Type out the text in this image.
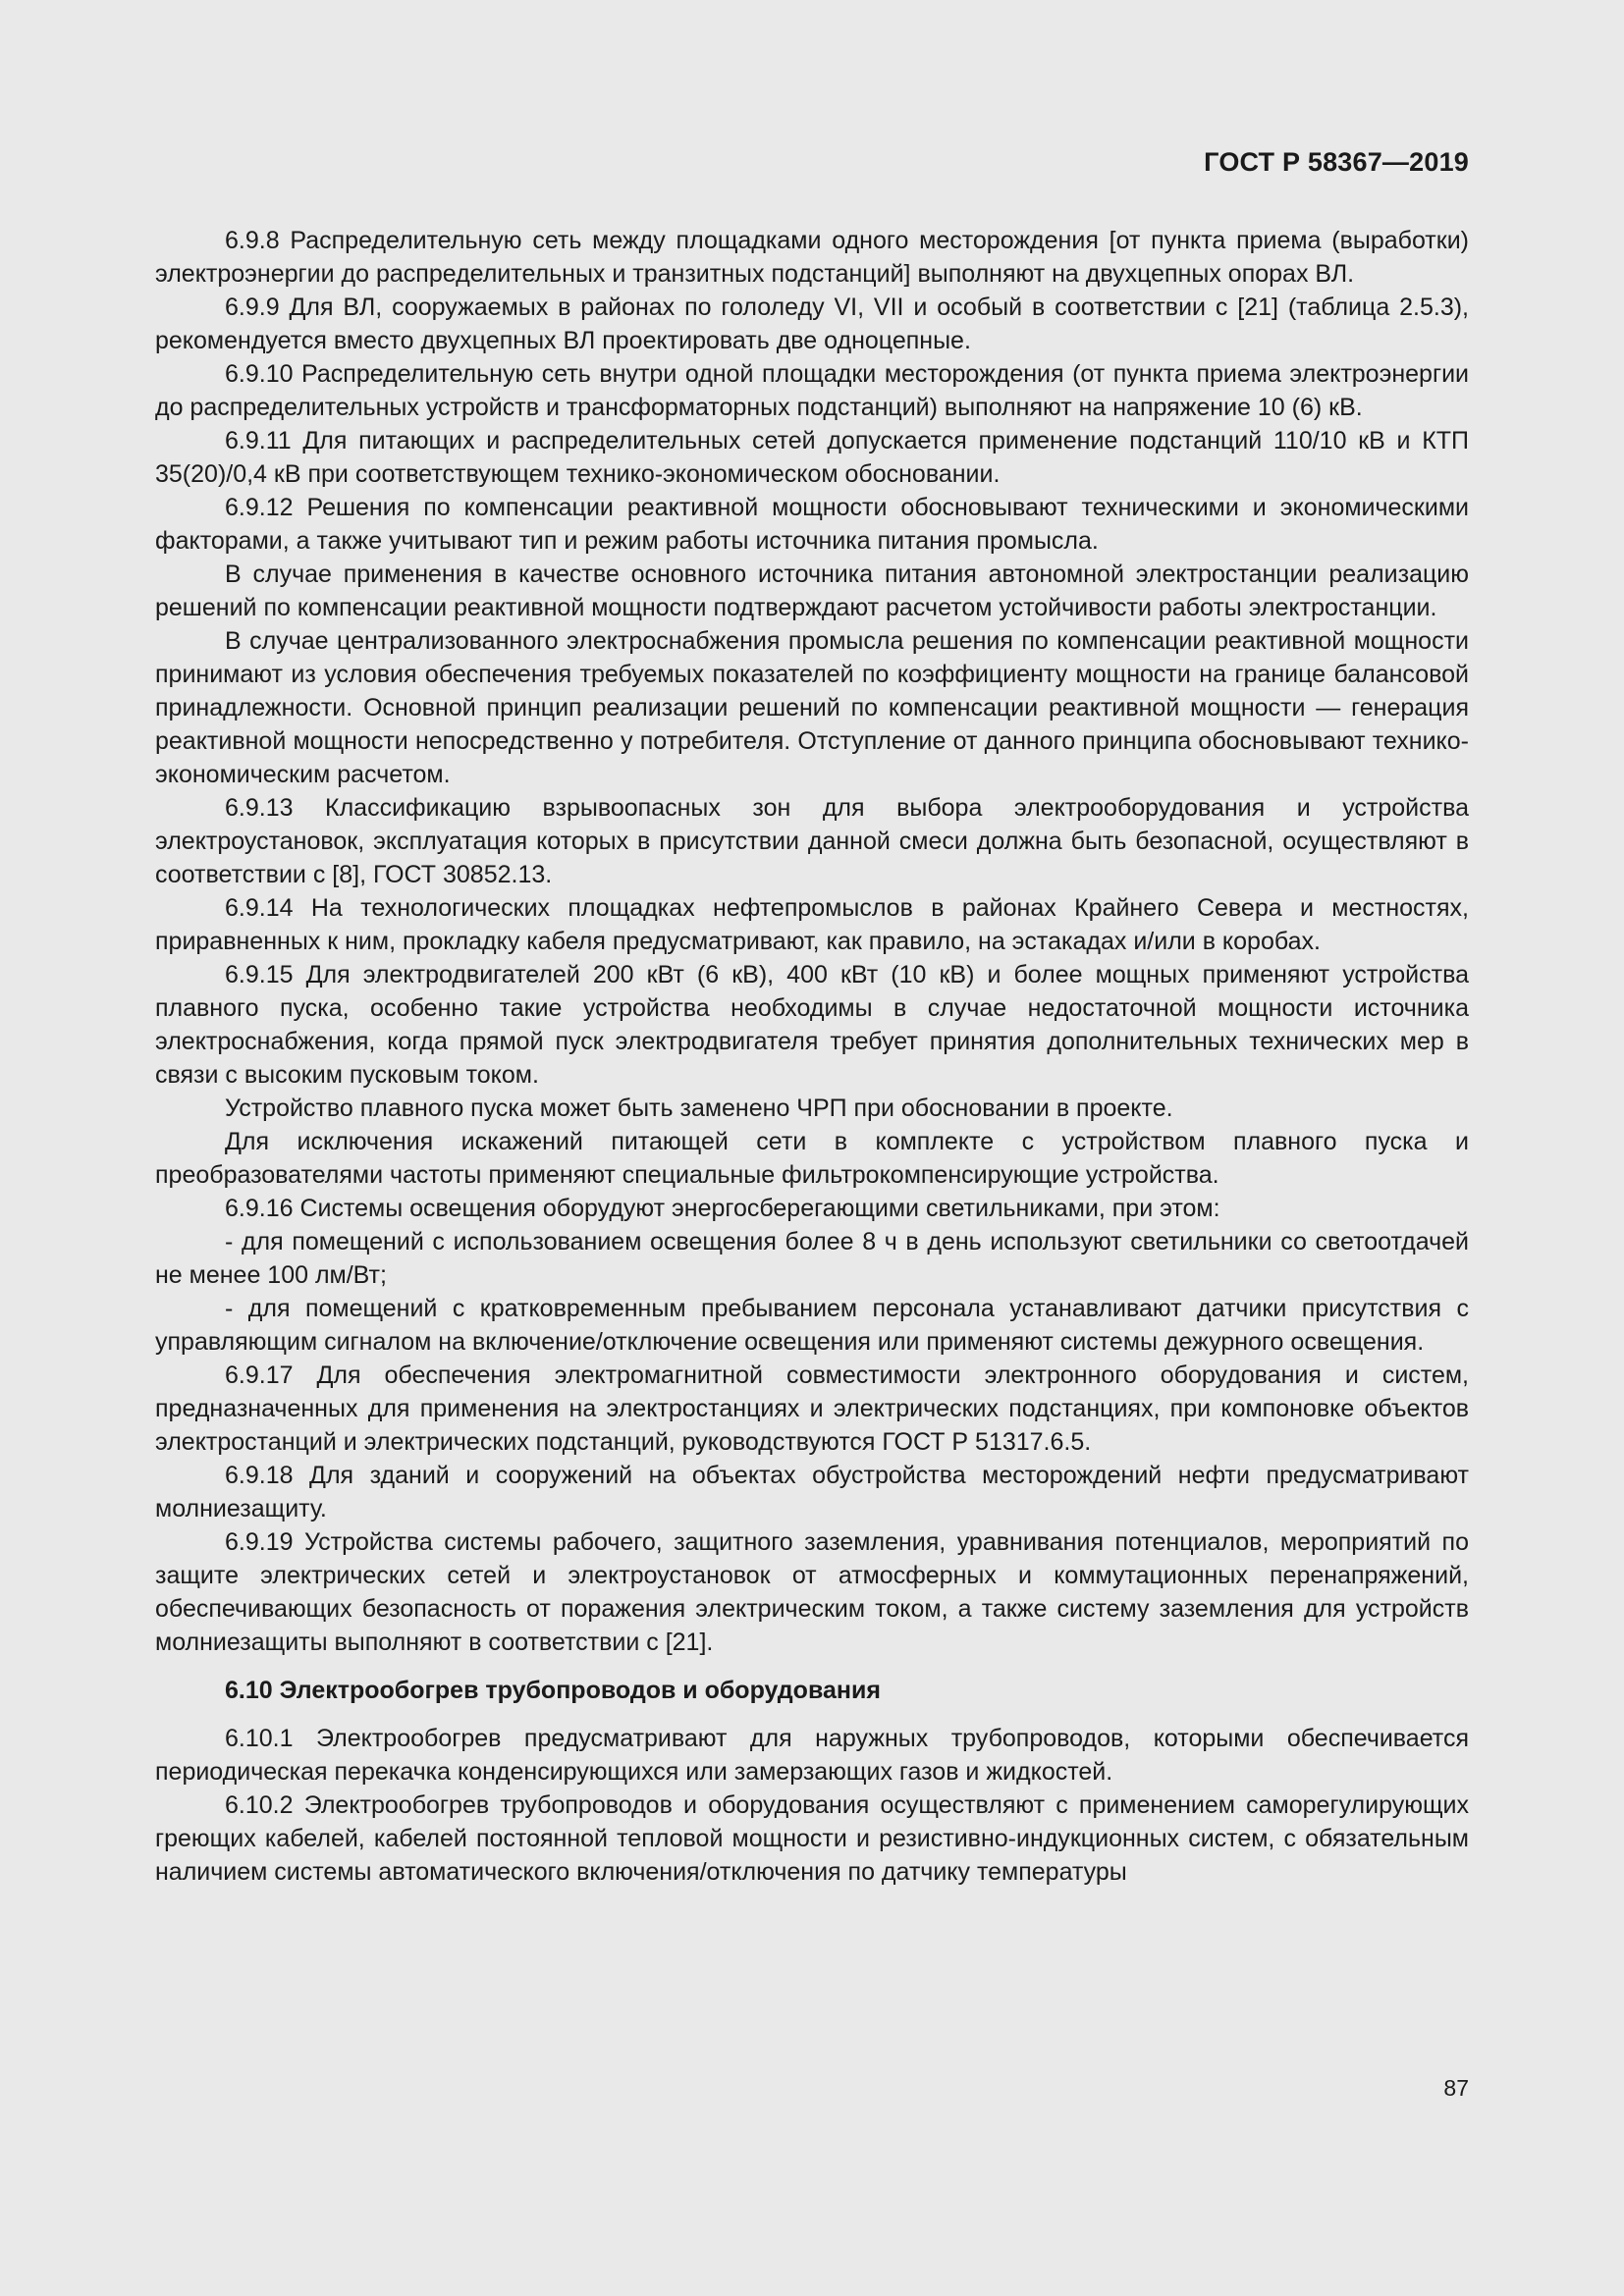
ГОСТ Р 58367—2019

6.9.8 Распределительную сеть между площадками одного месторождения [от пункта приема (выработки) электроэнергии до распределительных и транзитных подстанций] выполняют на двухцепных опорах ВЛ.

6.9.9 Для ВЛ, сооружаемых в районах по гололеду VI, VII и особый в соответствии с [21] (таблица 2.5.3), рекомендуется вместо двухцепных ВЛ проектировать две одноцепные.

6.9.10 Распределительную сеть внутри одной площадки месторождения (от пункта приема электроэнергии до распределительных устройств и трансформаторных подстанций) выполняют на напряжение 10 (6) кВ.

6.9.11 Для питающих и распределительных сетей допускается применение подстанций 110/10 кВ и КТП 35(20)/0,4 кВ при соответствующем технико-экономическом обосновании.

6.9.12 Решения по компенсации реактивной мощности обосновывают техническими и экономическими факторами, а также учитывают тип и режим работы источника питания промысла.

В случае применения в качестве основного источника питания автономной электростанции реализацию решений по компенсации реактивной мощности подтверждают расчетом устойчивости работы электростанции.

В случае централизованного электроснабжения промысла решения по компенсации реактивной мощности принимают из условия обеспечения требуемых показателей по коэффициенту мощности на границе балансовой принадлежности. Основной принцип реализации решений по компенсации реактивной мощности — генерация реактивной мощности непосредственно у потребителя. Отступление от данного принципа обосновывают технико-экономическим расчетом.

6.9.13 Классификацию взрывоопасных зон для выбора электрооборудования и устройства электроустановок, эксплуатация которых в присутствии данной смеси должна быть безопасной, осуществляют в соответствии с [8], ГОСТ 30852.13.

6.9.14 На технологических площадках нефтепромыслов в районах Крайнего Севера и местностях, приравненных к ним, прокладку кабеля предусматривают, как правило, на эстакадах и/или в коробах.

6.9.15 Для электродвигателей 200 кВт (6 кВ), 400 кВт (10 кВ) и более мощных применяют устройства плавного пуска, особенно такие устройства необходимы в случае недостаточной мощности источника электроснабжения, когда прямой пуск электродвигателя требует принятия дополнительных технических мер в связи с высоким пусковым током.

Устройство плавного пуска может быть заменено ЧРП при обосновании в проекте.

Для исключения искажений питающей сети в комплекте с устройством плавного пуска и преобразователями частоты применяют специальные фильтрокомпенсирующие устройства.

6.9.16 Системы освещения оборудуют энергосберегающими светильниками, при этом:

- для помещений с использованием освещения более 8 ч в день используют светильники со светоотдачей не менее 100 лм/Вт;

- для помещений с кратковременным пребыванием персонала устанавливают датчики присутствия с управляющим сигналом на включение/отключение освещения или применяют системы дежурного освещения.

6.9.17 Для обеспечения электромагнитной совместимости электронного оборудования и систем, предназначенных для применения на электростанциях и электрических подстанциях, при компоновке объектов электростанций и электрических подстанций, руководствуются ГОСТ Р 51317.6.5.

6.9.18 Для зданий и сооружений на объектах обустройства месторождений нефти предусматривают молниезащиту.

6.9.19 Устройства системы рабочего, защитного заземления, уравнивания потенциалов, мероприятий по защите электрических сетей и электроустановок от атмосферных и коммутационных перенапряжений, обеспечивающих безопасность от поражения электрическим током, а также систему заземления для устройств молниезащиты выполняют в соответствии с [21].

6.10 Электрообогрев трубопроводов и оборудования

6.10.1 Электрообогрев предусматривают для наружных трубопроводов, которыми обеспечивается периодическая перекачка конденсирующихся или замерзающих газов и жидкостей.

6.10.2 Электрообогрев трубопроводов и оборудования осуществляют с применением саморегулирующих греющих кабелей, кабелей постоянной тепловой мощности и резистивно-индукционных систем, с обязательным наличием системы автоматического включения/отключения по датчику температуры

87
